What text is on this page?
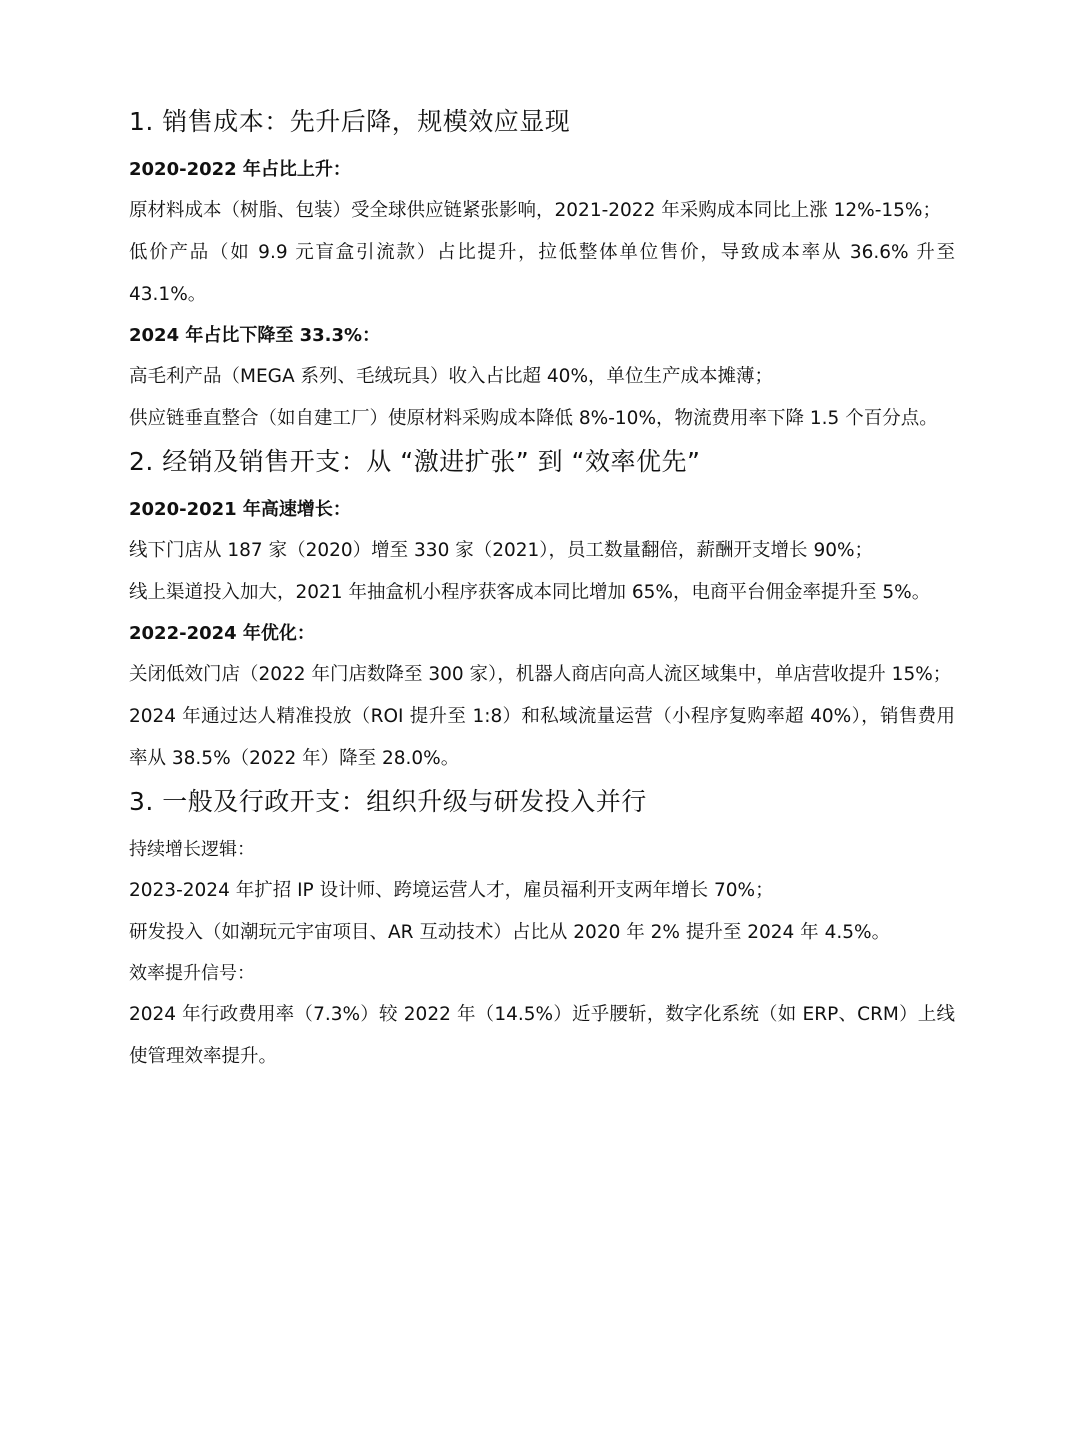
1. 销售成本：先升后降，规模效应显现
2020-2022 年占比上升：

原材料成本（树脂、包装）受全球供应链紧张影响，2021-2022 年采购成本同比上涨 12%-15%；

低价产品（如 9.9 元盲盒引流款）占比提升，拉低整体单位售价，导致成本率从 36.6% 升至 43.1%。

2024 年占比下降至 33.3%：

高毛利产品（MEGA 系列、毛绒玩具）收入占比超 40%，单位生产成本摊薄；

供应链垂直整合（如自建工厂）使原材料采购成本降低 8%-10%，物流费用率下降 1.5 个百分点。

2. 经销及销售开支：从 “激进扩张” 到 “效率优先”
2020-2021 年高速增长：

线下门店从 187 家（2020）增至 330 家（2021），员工数量翻倍，薪酬开支增长 90%；

线上渠道投入加大，2021 年抽盒机小程序获客成本同比增加 65%，电商平台佣金率提升至 5%。

2022-2024 年优化：

关闭低效门店（2022 年门店数降至 300 家），机器人商店向高人流区域集中，单店营收提升 15%；

2024 年通过达人精准投放（ROI 提升至 1:8）和私域流量运营（小程序复购率超 40%），销售费用率从 38.5%（2022 年）降至 28.0%。

3. 一般及行政开支：组织升级与研发投入并行
持续增长逻辑：

2023-2024 年扩招 IP 设计师、跨境运营人才，雇员福利开支两年增长 70%；

研发投入（如潮玩元宇宙项目、AR 互动技术）占比从 2020 年 2% 提升至 2024 年 4.5%。

效率提升信号：

2024 年行政费用率（7.3%）较 2022 年（14.5%）近乎腰斩，数字化系统（如 ERP、CRM）上线使管理效率提升。
